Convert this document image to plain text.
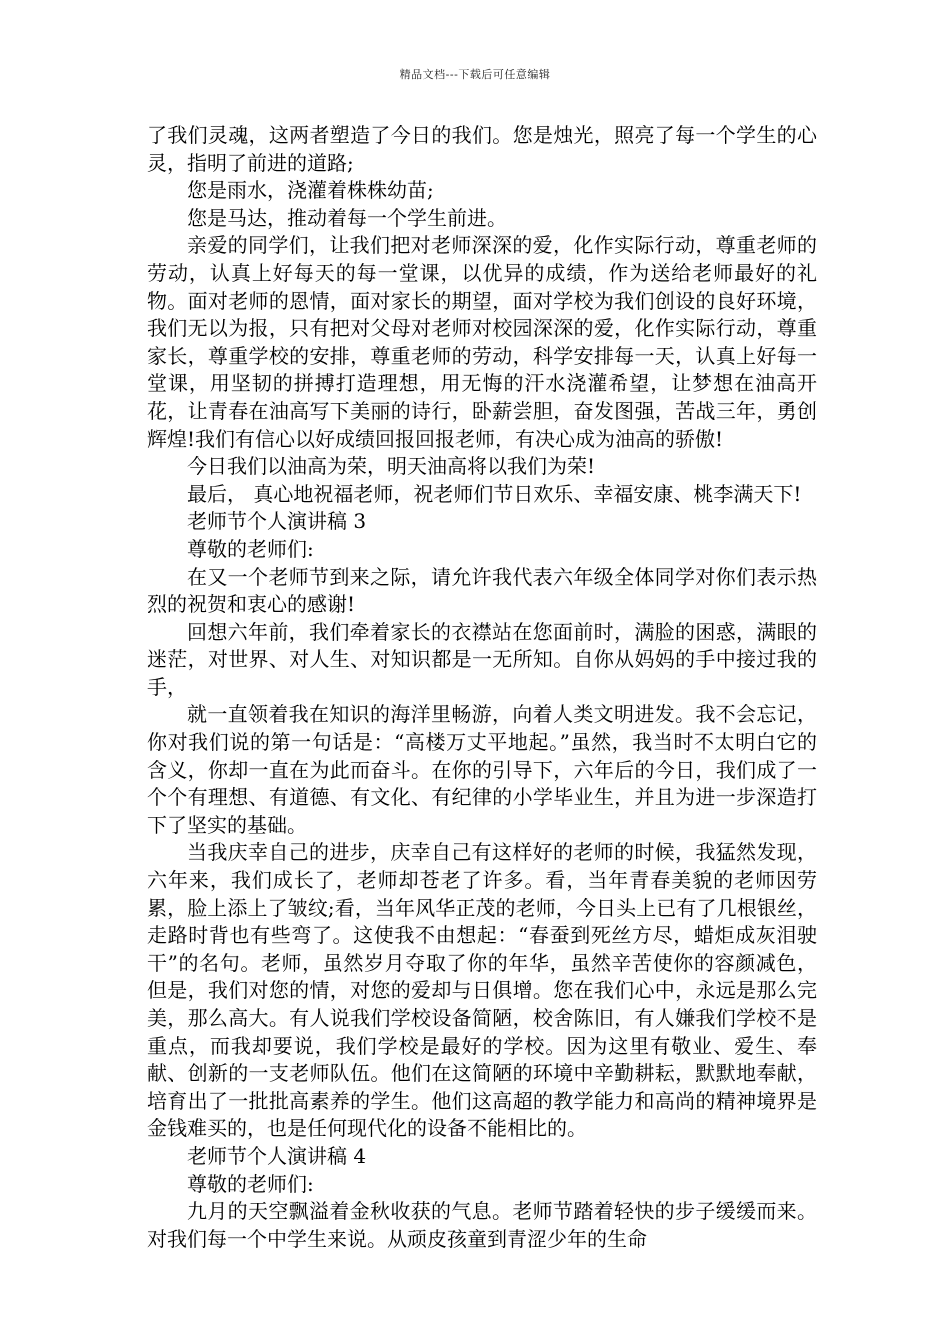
精品文档---下载后可任意编辑

了我们灵魂，这两者塑造了今日的我们。您是烛光，照亮了每一个学生的心灵，指明了前进的道路;

您是雨水，浇灌着株株幼苗;

您是马达，推动着每一个学生前进。

亲爱的同学们，让我们把对老师深深的爱，化作实际行动，尊重老师的劳动，认真上好每天的每一堂课，以优异的成绩，作为送给老师最好的礼物。面对老师的恩情，面对家长的期望，面对学校为我们创设的良好环境，我们无以为报，只有把对父母对老师对校园深深的爱，化作实际行动，尊重家长，尊重学校的安排，尊重老师的劳动，科学安排每一天，认真上好每一堂课，用坚韧的拼搏打造理想，用无悔的汗水浇灌希望，让梦想在油高开花，让青春在油高写下美丽的诗行，卧薪尝胆，奋发图强，苦战三年，勇创辉煌!我们有信心以好成绩回报回报老师，有决心成为油高的骄傲!

今日我们以油高为荣，明天油高将以我们为荣!

最后， 真心地祝福老师，祝老师们节日欢乐、幸福安康、桃李满天下!

老师节个人演讲稿 3

尊敬的老师们:

在又一个老师节到来之际，请允许我代表六年级全体同学对你们表示热烈的祝贺和衷心的感谢!

回想六年前，我们牵着家长的衣襟站在您面前时，满脸的困惑，满眼的迷茫，对世界、对人生、对知识都是一无所知。自你从妈妈的手中接过我的手，

就一直领着我在知识的海洋里畅游，向着人类文明进发。我不会忘记，你对我们说的第一句话是：“高楼万丈平地起。”虽然，我当时不太明白它的含义，你却一直在为此而奋斗。在你的引导下，六年后的今日，我们成了一个个有理想、有道德、有文化、有纪律的小学毕业生，并且为进一步深造打下了坚实的基础。

当我庆幸自己的进步，庆幸自己有这样好的老师的时候，我猛然发现，六年来，我们成长了，老师却苍老了许多。看，当年青春美貌的老师因劳累，脸上添上了皱纹;看，当年风华正茂的老师，今日头上已有了几根银丝，走路时背也有些弯了。这使我不由想起：“春蚕到死丝方尽，蜡炬成灰泪驶干”的名句。老师，虽然岁月夺取了你的年华，虽然辛苦使你的容颜减色，但是，我们对您的情，对您的爱却与日俱增。您在我们心中，永远是那么完美，那么高大。有人说我们学校设备简陋，校舍陈旧，有人嫌我们学校不是重点，而我却要说，我们学校是最好的学校。因为这里有敬业、爱生、奉献、创新的一支老师队伍。他们在这简陋的环境中辛勤耕耘，默默地奉献，培育出了一批批高素养的学生。他们这高超的教学能力和高尚的精神境界是金钱难买的，也是任何现代化的设备不能相比的。

老师节个人演讲稿 4

尊敬的老师们:

九月的天空飘溢着金秋收获的气息。老师节踏着轻快的步子缓缓而来。对我们每一个中学生来说。从顽皮孩童到青涩少年的生命
